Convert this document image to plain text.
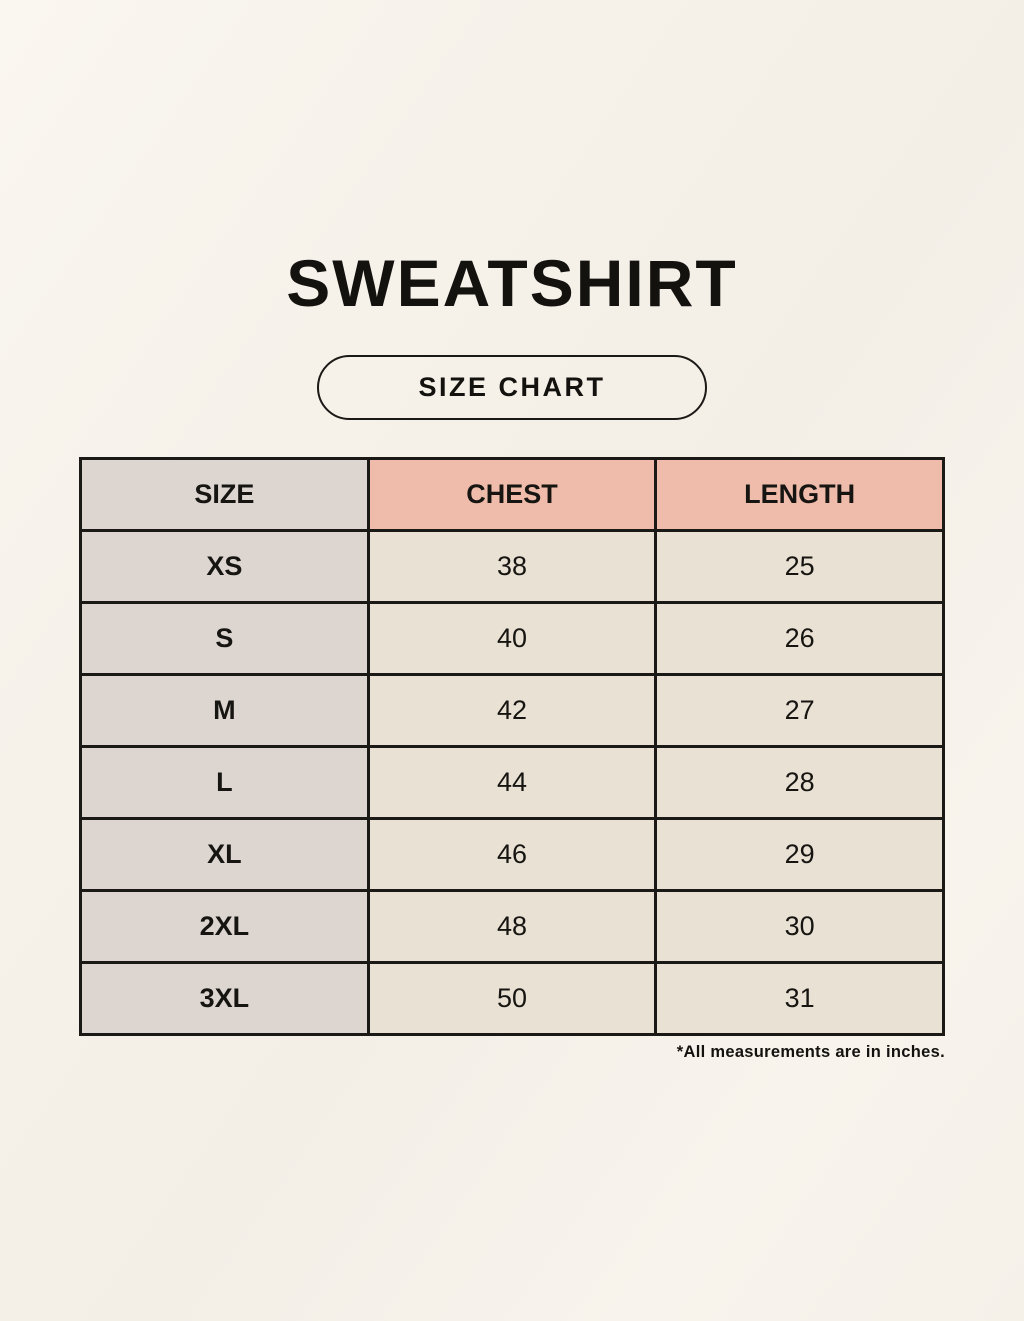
SWEATSHIRT
SIZE CHART
SIZE	CHEST	LENGTH
XS	38	25
S	40	26
M	42	27
L	44	28
XL	46	29
2XL	48	30
3XL	50	31
*All measurements are in inches.
